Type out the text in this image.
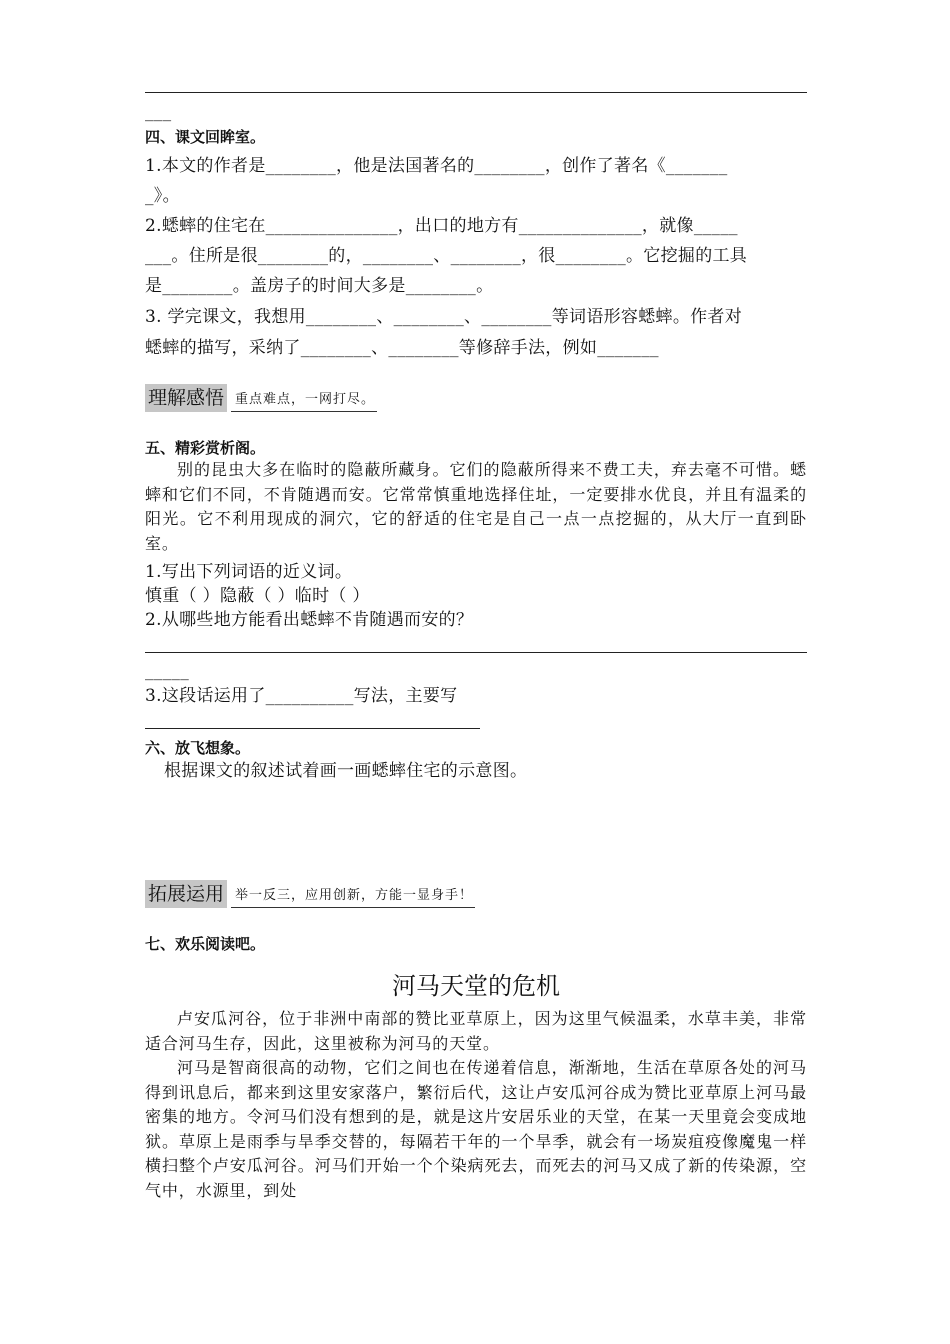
___
四、课文回眸室。
1.本文的作者是________，他是法国著名的________，创作了著名《_______
_》。
2.蟋蟀的住宅在_______________，出口的地方有______________，就像_____
___。住所是很________的，________、________，很________。它挖掘的工具
是________。盖房子的时间大多是________。
3. 学完课文，我想用________、________、________等词语形容蟋蟀。作者对
蟋蟀的描写，采纳了________、________等修辞手法，例如_______
理解感悟 重点难点，一网打尽。
五、精彩赏析阁。
别的昆虫大多在临时的隐蔽所藏身。它们的隐蔽所得来不费工夫，弃去毫不可惜。蟋蟀和它们不同，不肯随遇而安。它常常慎重地选择住址，一定要排水优良，并且有温柔的阳光。它不利用现成的洞穴，它的舒适的住宅是自己一点一点挖掘的，从大厅一直到卧室。
1.写出下列词语的近义词。
慎重（ ）隐蔽（ ）临时（ ）
2.从哪些地方能看出蟋蟀不肯随遇而安的？
_____
3.这段话运用了__________写法，主要写
六、放飞想象。
根据课文的叙述试着画一画蟋蟀住宅的示意图。
拓展运用 举一反三，应用创新，方能一显身手！
七、欢乐阅读吧。
河马天堂的危机
卢安瓜河谷，位于非洲中南部的赞比亚草原上，因为这里气候温柔，水草丰美，非常适合河马生存，因此，这里被称为河马的天堂。
河马是智商很高的动物，它们之间也在传递着信息，渐渐地，生活在草原各处的河马得到讯息后，都来到这里安家落户，繁衍后代，这让卢安瓜河谷成为赞比亚草原上河马最密集的地方。令河马们没有想到的是，就是这片安居乐业的天堂，在某一天里竟会变成地狱。草原上是雨季与旱季交替的，每隔若干年的一个旱季，就会有一场炭疽疫像魔鬼一样横扫整个卢安瓜河谷。河马们开始一个个染病死去，而死去的河马又成了新的传染源，空气中，水源里，到处
